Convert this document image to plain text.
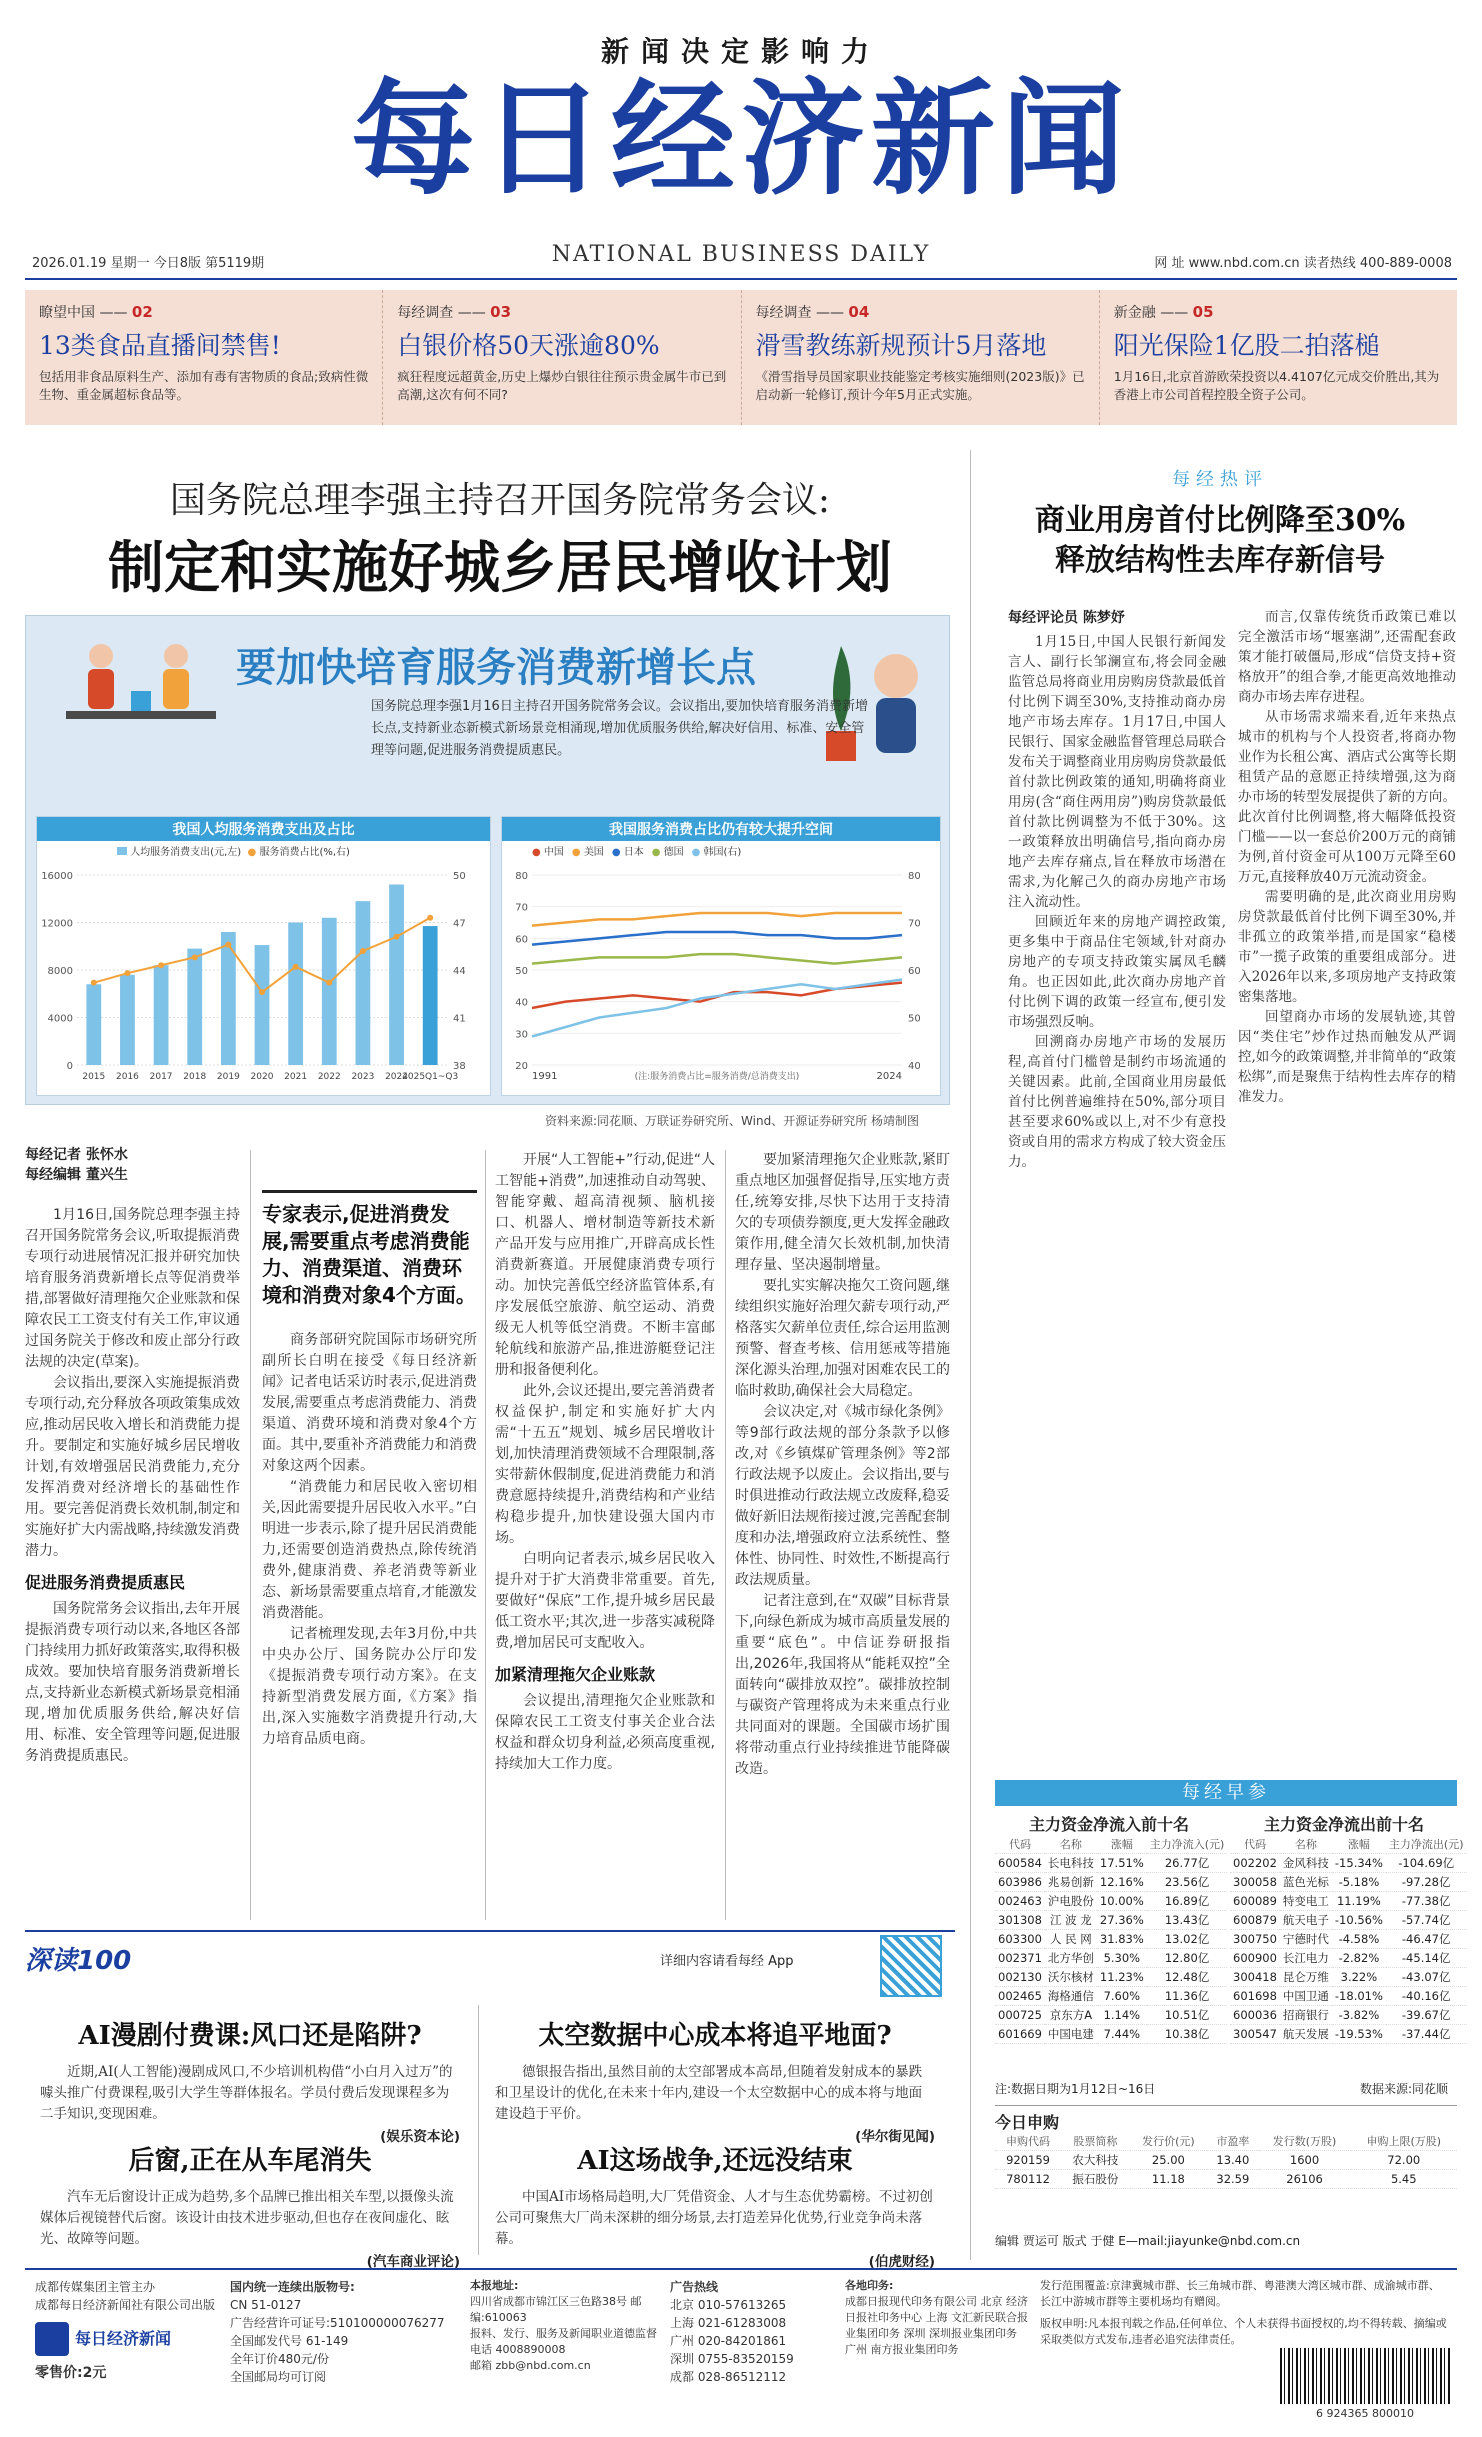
新闻决定影响力
每日经济新闻
2026.01.19 星期一 今日8版 第5119期	NATIONAL BUSINESS DAILY	网 址 www.nbd.com.cn 读者热线 400-889-0008
瞭望中国 —— 02
13类食品直播间禁售!
包括用非食品原料生产、添加有毒有害物质的食品;致病性微生物、重金属超标食品等。
每经调查 —— 03
白银价格50天涨逾80%
疯狂程度远超黄金,历史上爆炒白银往往预示贵金属牛市已到高潮,这次有何不同?
每经调查 —— 04
滑雪教练新规预计5月落地
《滑雪指导员国家职业技能鉴定考核实施细则(2023版)》已启动新一轮修订,预计今年5月正式实施。
新金融 —— 05
阳光保险1亿股二拍落槌
1月16日,北京首游欧荣投资以4.4107亿元成交价胜出,其为香港上市公司首程控股全资子公司。
国务院总理李强主持召开国务院常务会议:
制定和实施好城乡居民增收计划
要加快培育服务消费新增长点
国务院总理李强1月16日主持召开国务院常务会议。会议指出,要加快培育服务消费新增长点,支持新业态新模式新场景竞相涌现,增加优质服务供给,解决好信用、标准、安全管理等问题,促进服务消费提质惠民。
我国人均服务消费支出及占比
人均服务消费支出(元,左) ● 服务消费占比(%,右)
0
4000
8000
12000
16000
38
41
44
47
50
2015 2016 2017 2018 2019 2020 2021 2022 2023 2024
2025Q1~Q3
我国服务消费占比仍有较大提升空间
● 中国 ● 美国 ● 日本 ● 德国 ● 韩国(右)
20
30
40
50
60
70
80
40
50
60
70
80
1991	2024
(注:服务消费占比=服务消费/总消费支出)
资料来源:同花顺、万联证券研究所、Wind、开源证券研究所 杨靖制图
每经记者 张怀水
每经编辑 董兴生

1月16日,国务院总理李强主持召开国务院常务会议,听取提振消费专项行动进展情况汇报并研究加快培育服务消费新增长点等促消费举措,部署做好清理拖欠企业账款和保障农民工工资支付有关工作,审议通过国务院关于修改和废止部分行政法规的决定(草案)。

会议指出,要深入实施提振消费专项行动,充分释放各项政策集成效应,推动居民收入增长和消费能力提升。要制定和实施好城乡居民增收计划,有效增强居民消费能力,充分发挥消费对经济增长的基础性作用。要完善促消费长效机制,制定和实施好扩大内需战略,持续激发消费潜力。

促进服务消费提质惠民

国务院常务会议指出,去年开展提振消费专项行动以来,各地区各部门持续用力抓好政策落实,取得积极成效。要加快培育服务消费新增长点,支持新业态新模式新场景竞相涌现,增加优质服务供给,解决好信用、标准、安全管理等问题,促进服务消费提质惠民。

专家表示,促进消费发展,需要重点考虑消费能力、消费渠道、消费环境和消费对象4个方面。

商务部研究院国际市场研究所副所长白明在接受《每日经济新闻》记者电话采访时表示,促进消费发展,需要重点考虑消费能力、消费渠道、消费环境和消费对象4个方面。其中,要重补齐消费能力和消费对象这两个因素。

“消费能力和居民收入密切相关,因此需要提升居民收入水平。”白明进一步表示,除了提升居民消费能力,还需要创造消费热点,除传统消费外,健康消费、养老消费等新业态、新场景需要重点培育,才能激发消费潜能。

记者梳理发现,去年3月份,中共中央办公厅、国务院办公厅印发《提振消费专项行动方案》。在支持新型消费发展方面,《方案》指出,深入实施数字消费提升行动,大力培育品质电商。

开展“人工智能+”行动,促进“人工智能+消费”,加速推动自动驾驶、智能穿戴、超高清视频、脑机接口、机器人、增材制造等新技术新产品开发与应用推广,开辟高成长性消费新赛道。开展健康消费专项行动。加快完善低空经济监管体系,有序发展低空旅游、航空运动、消费级无人机等低空消费。不断丰富邮轮航线和旅游产品,推进游艇登记注册和报备便利化。

此外,会议还提出,要完善消费者权益保护,制定和实施好扩大内需“十五五”规划、城乡居民增收计划,加快清理消费领域不合理限制,落实带薪休假制度,促进消费能力和消费意愿持续提升,消费结构和产业结构稳步提升,加快建设强大国内市场。

白明向记者表示,城乡居民收入提升对于扩大消费非常重要。首先,要做好“保底”工作,提升城乡居民最低工资水平;其次,进一步落实减税降费,增加居民可支配收入。

加紧清理拖欠企业账款

会议提出,清理拖欠企业账款和保障农民工工资支付事关企业合法权益和群众切身利益,必须高度重视,持续加大工作力度。

要加紧清理拖欠企业账款,紧盯重点地区加强督促指导,压实地方责任,统筹安排,尽快下达用于支持清欠的专项债券额度,更大发挥金融政策作用,健全清欠长效机制,加快清理存量、坚决遏制增量。

要扎实实解决拖欠工资问题,继续组织实施好治理欠薪专项行动,严格落实欠薪单位责任,综合运用监测预警、督查考核、信用惩戒等措施深化源头治理,加强对困难农民工的临时救助,确保社会大局稳定。

会议决定,对《城市绿化条例》等9部行政法规的部分条款予以修改,对《乡镇煤矿管理条例》等2部行政法规予以废止。会议指出,要与时俱进推动行政法规立改废释,稳妥做好新旧法规衔接过渡,完善配套制度和办法,增强政府立法系统性、整体性、协同性、时效性,不断提高行政法规质量。

记者注意到,在“双碳”目标背景下,向绿色新成为城市高质量发展的重要“底色”。中信证券研报指出,2026年,我国将从“能耗双控”全面转向“碳排放双控”。碳排放控制与碳资产管理将成为未来重点行业共同面对的课题。全国碳市场扩围将带动重点行业持续推进节能降碳改造。

每经热评
商业用房首付比例降至30%
释放结构性去库存新信号
每经评论员 陈梦妤

1月15日,中国人民银行新闻发言人、副行长邹澜宣布,将会同金融监管总局将商业用房购房贷款最低首付比例下调至30%,支持推动商办房地产市场去库存。1月17日,中国人民银行、国家金融监督管理总局联合发布关于调整商业用房购房贷款最低首付款比例政策的通知,明确将商业用房(含“商住两用房”)购房贷款最低首付款比例调整为不低于30%。这一政策释放出明确信号,指向商办房地产去库存痛点,旨在释放市场潜在需求,为化解己久的商办房地产市场注入流动性。

回顾近年来的房地产调控政策,更多集中于商品住宅领域,针对商办房地产的专项支持政策实属凤毛麟角。也正因如此,此次商办房地产首付比例下调的政策一经宣布,便引发市场强烈反响。

回溯商办房地产市场的发展历程,高首付门槛曾是制约市场流通的关键因素。此前,全国商业用房最低首付比例普遍维持在50%,部分项目甚至要求60%或以上,对不少有意投资或自用的需求方构成了较大资金压力。

而言,仅靠传统货币政策已难以完全激活市场“堰塞湖”,还需配套政策才能打破僵局,形成“信贷支持+资格放开”的组合拳,才能更高效地推动商办市场去库存进程。

从市场需求端来看,近年来热点城市的机构与个人投资者,将商办物业作为长租公寓、酒店式公寓等长期租赁产品的意愿正持续增强,这为商办市场的转型发展提供了新的方向。此次首付比例调整,将大幅降低投资门槛——以一套总价200万元的商铺为例,首付资金可从100万元降至60万元,直接释放40万元流动资金。

需要明确的是,此次商业用房购房贷款最低首付比例下调至30%,并非孤立的政策举措,而是国家“稳楼市”一揽子政策的重要组成部分。进入2026年以来,多项房地产支持政策密集落地。

回望商办市场的发展轨迹,其曾因“类住宅”炒作过热而触发从严调控,如今的政策调整,并非简单的“政策松绑”,而是聚焦于结构性去库存的精准发力。

每经早参
主力资金净流入前十名
代码	名称	涨幅	主力净流入(元)
600584	长电科技	17.51%	26.77亿
603986	兆易创新	12.16%	23.56亿
002463	沪电股份	10.00%	16.89亿
301308	江 波 龙	27.36%	13.43亿
603300	人 民 网	31.83%	13.02亿
002371	北方华创	5.30%	12.80亿
002130	沃尔核材	11.23%	12.48亿
002465	海格通信	7.60%	11.36亿
000725	京东方A	1.14%	10.51亿
601669	中国电建	7.44%	10.38亿
主力资金净流出前十名
代码	名称	涨幅	主力净流出(元)
002202	金风科技	-15.34%	-104.69亿
300058	蓝色光标	-5.18%	-97.28亿
600089	特变电工	11.19%	-77.38亿
600879	航天电子	-10.56%	-57.74亿
300750	宁德时代	-4.58%	-46.47亿
600900	长江电力	-2.82%	-45.14亿
300418	昆仑万维	3.22%	-43.07亿
601698	中国卫通	-18.01%	-40.16亿
600036	招商银行	-3.82%	-39.67亿
300547	航天发展	-19.53%	-37.44亿
注:数据日期为1月12日~16日	数据来源:同花顺
今日申购
申购代码	股票简称	发行价(元)	市盈率	发行数(万股)	申购上限(万股)
920159	农大科技	25.00	13.40	1600	72.00
780112	振石股份	11.18	32.59	26106	5.45
编辑 贾运可 版式 于健 E—mail:jiayunke@nbd.com.cn
深读100	详细内容请看每经 App
AI漫剧付费课:风口还是陷阱?

近期,AI(人工智能)漫剧成风口,不少培训机构借“小白月入过万”的噱头推广付费课程,吸引大学生等群体报名。学员付费后发现课程多为二手知识,变现困难。

(娱乐资本论)
太空数据中心成本将追平地面?

德银报告指出,虽然目前的太空部署成本高昂,但随着发射成本的暴跌和卫星设计的优化,在未来十年内,建设一个太空数据中心的成本将与地面建设趋于平价。

(华尔街见闻)
后窗,正在从车尾消失

汽车无后窗设计正成为趋势,多个品牌已推出相关车型,以摄像头流媒体后视镜替代后窗。该设计由技术进步驱动,但也存在夜间虚化、眩光、故障等问题。

(汽车商业评论)
AI这场战争,还远没结束

中国AI市场格局趋明,大厂凭借资金、人才与生态优势霸榜。不过初创公司可聚焦大厂尚未深耕的细分场景,去打造差异化优势,行业竞争尚未落幕。

(伯虎财经)
成都传媒集团主管主办
成都每日经济新闻社有限公司出版
每日经济新闻
零售价:2元
国内统一连续出版物号:
CN 51-0127
广告经营许可证号:510100000076277
全国邮发代号 61-149
全年订价480元/份
全国邮局均可订阅
本报地址:
四川省成都市锦江区三色路38号 邮编:610063
报料、发行、服务及新闻职业道德监督电话 4008890008
邮箱 zbb@nbd.com.cn
广告热线
北京 010-57613265
上海 021-61283008
广州 020-84201861
深圳 0755-83520159
成都 028-86512112
各地印务:
成都日报现代印务有限公司 北京 经济日报社印务中心 上海 文汇新民联合报业集团印务 深圳 深圳报业集团印务 广州 南方报业集团印务
发行范围覆盖:京津冀城市群、长三角城市群、粤港澳大湾区城市群、成渝城市群、长江中游城市群等主要机场均有赠阅。
版权申明:凡本报刊载之作品,任何单位、个人未获得书面授权的,均不得转载、摘编或采取类似方式发布,违者必追究法律责任。
6 924365 800010
